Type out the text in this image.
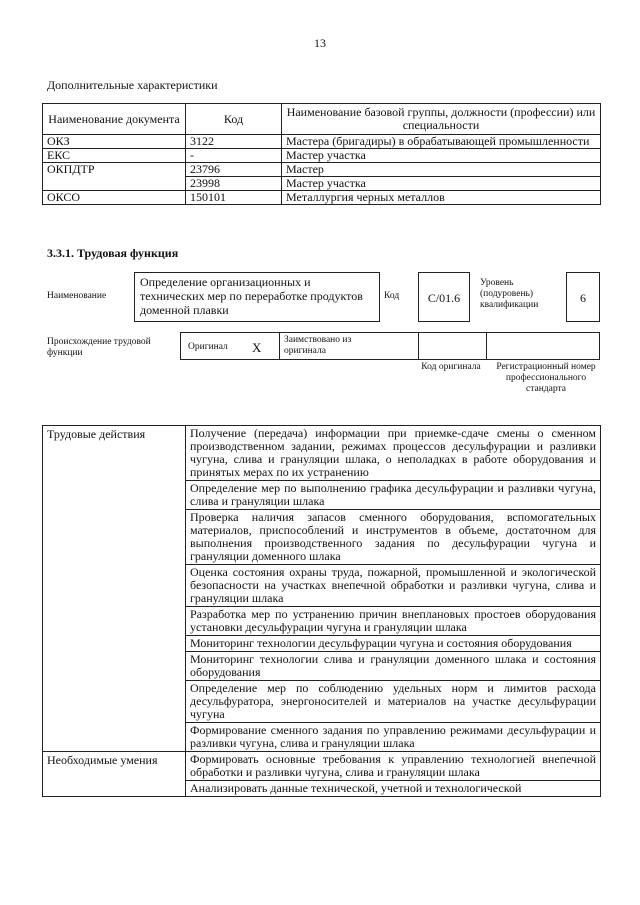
13
Дополнительные характеристики
Наименование документа	Код	Наименование базовой группы, должности (профессии) или специальности
ОКЗ	3122	Мастера (бригадиры) в обрабатывающей промышленности
ЕКС	-	Мастер участка
ОКПДТР	23796	Мастер
	23998	Мастер участка
ОКСО	150101	Металлургия черных металлов
3.3.1. Трудовая функция
Наименование
Определение организационных и технических мер по переработке продуктов доменной плавки
Код	С/01.6
Уровень (подуровень) квалификации	6
Происхождение трудовой функции
Оригинал X Заимствовано из оригинала
Код оригинала	Регистрационный номер профессионального стандарта
Трудовые действия	Получение (передача) информации при приемке-сдаче смены о сменном производственном задании, режимах процессов десульфурации и разливки чугуна, слива и грануляции шлака, о неполадках в работе оборудования и принятых мерах по их устранению
	Определение мер по выполнению графика десульфурации и разливки чугуна, слива и грануляции шлака
	Проверка наличия запасов сменного оборудования, вспомогательных материалов, приспособлений и инструментов в объеме, достаточном для выполнения производственного задания по десульфурации чугуна и грануляции доменного шлака
	Оценка состояния охраны труда, пожарной, промышленной и экологической безопасности на участках внепечной обработки и разливки чугуна, слива и грануляции шлака
	Разработка мер по устранению причин внеплановых простоев оборудования установки десульфурации чугуна и грануляции шлака
	Мониторинг технологии десульфурации чугуна и состояния оборудования
	Мониторинг технологии слива и грануляции доменного шлака и состояния оборудования
	Определение мер по соблюдению удельных норм и лимитов расхода десульфуратора, энергоносителей и материалов на участке десульфурации чугуна
	Формирование сменного задания по управлению режимами десульфурации и разливки чугуна, слива и грануляции шлака
Необходимые умения	Формировать основные требования к управлению технологией внепечной обработки и разливки чугуна, слива и грануляции шлака
	Анализировать данные технической, учетной и технологической
